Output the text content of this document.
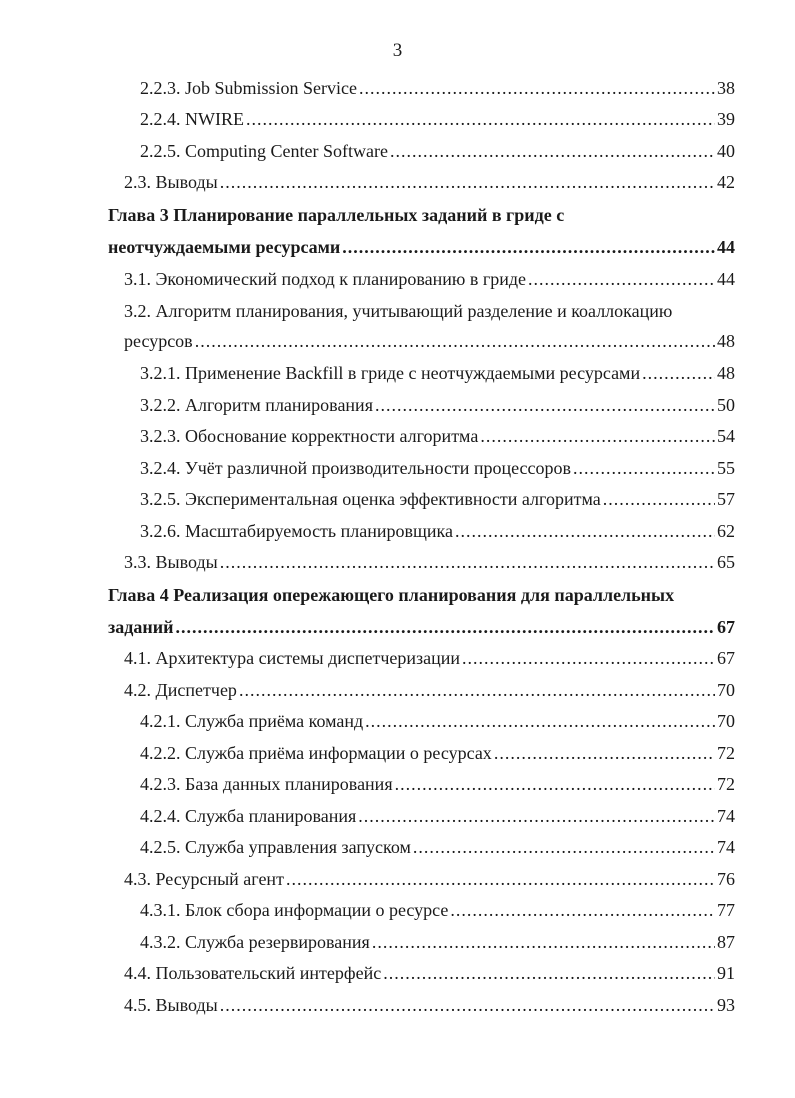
3
2.2.3. Job Submission Service .....	38
2.2.4. NWIRE .....	39
2.2.5. Computing Center Software .....	40
2.3. Выводы .....	42
Глава 3 Планирование параллельных заданий в гриде с
неотчуждаемыми ресурсами .....	44
3.1. Экономический подход к планированию в гриде .....	44
3.2. Алгоритм планирования, учитывающий разделение и коаллокацию
ресурсов .....	48
3.2.1. Применение Backfill в гриде с неотчуждаемыми ресурсами .....	48
3.2.2. Алгоритм планирования .....	50
3.2.3. Обоснование корректности алгоритма .....	54
3.2.4. Учёт различной производительности процессоров .....	55
3.2.5. Экспериментальная оценка эффективности алгоритма .....	57
3.2.6. Масштабируемость планировщика .....	62
3.3. Выводы .....	65
Глава 4 Реализация опережающего планирования для параллельных
заданий .....	67
4.1. Архитектура системы диспетчеризации .....	67
4.2. Диспетчер .....	70
4.2.1. Служба приёма команд .....	70
4.2.2. Служба приёма информации о ресурсах .....	72
4.2.3. База данных планирования .....	72
4.2.4. Служба планирования .....	74
4.2.5. Служба управления запуском .....	74
4.3. Ресурсный агент .....	76
4.3.1. Блок сбора информации о ресурсе .....	77
4.3.2. Служба резервирования .....	87
4.4. Пользовательский интерфейс .....	91
4.5. Выводы .....	93
